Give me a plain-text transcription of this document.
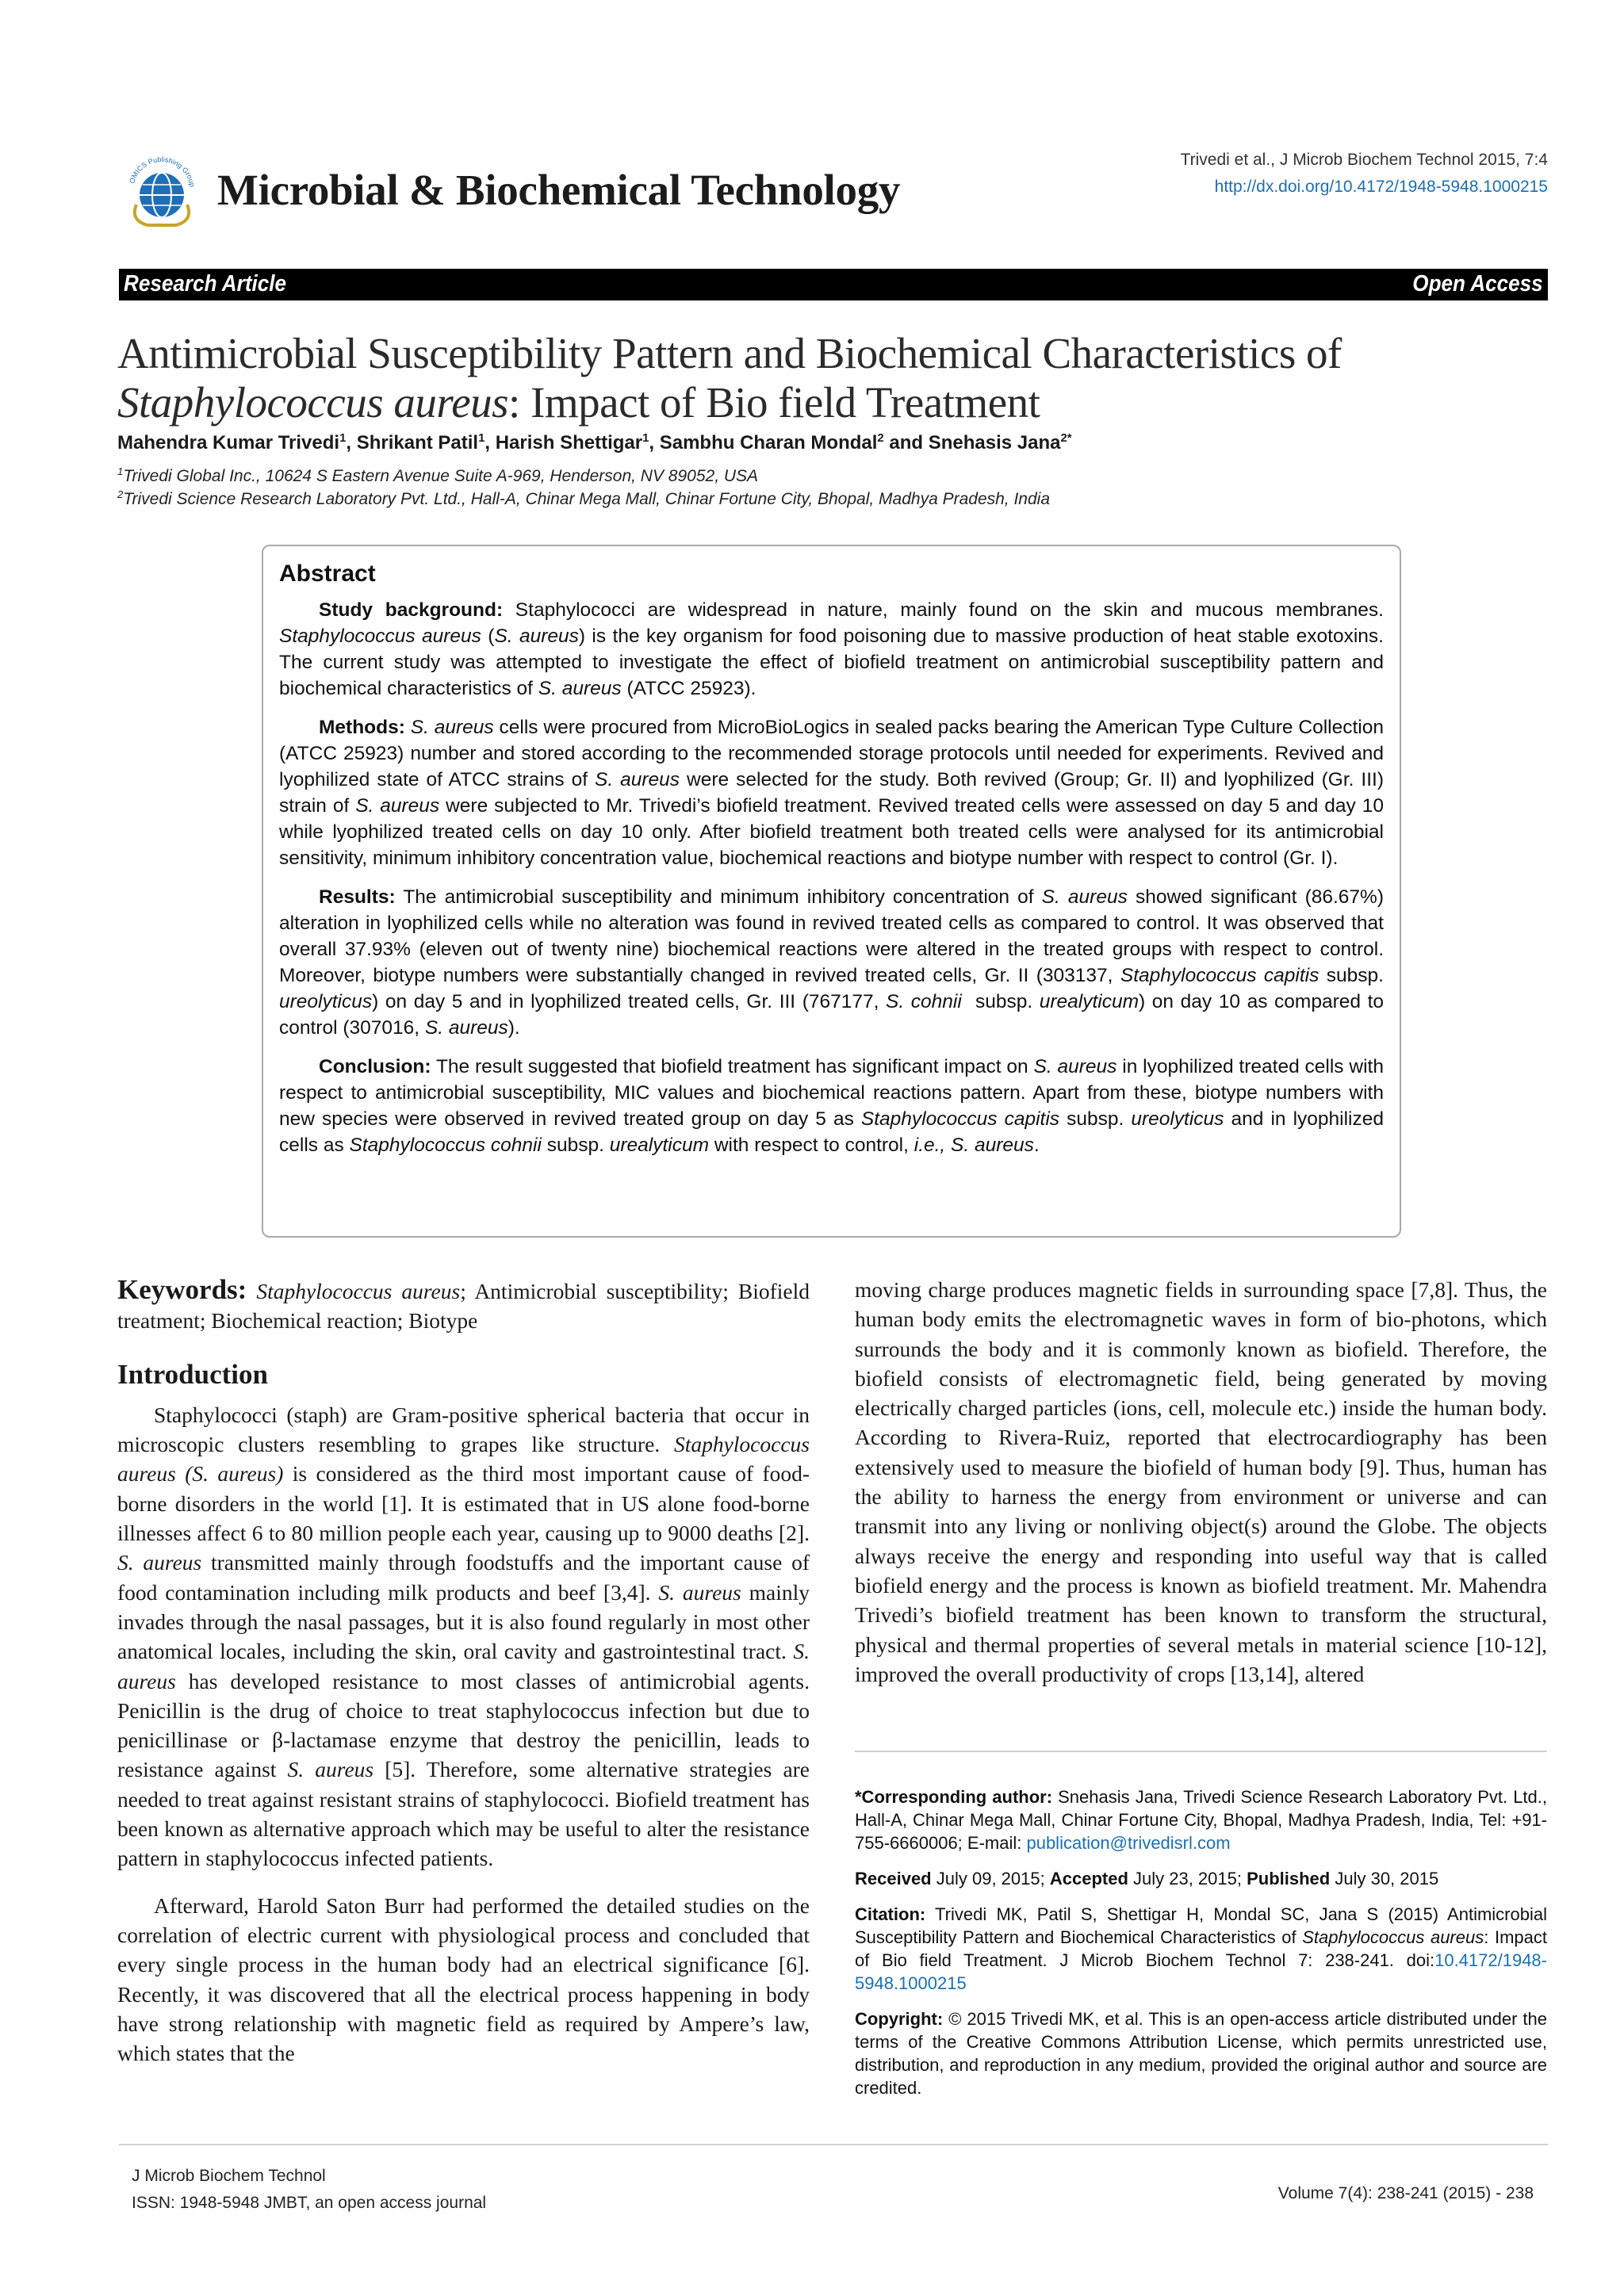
OMICS Publishing Group Microbial & Biochemical Technology
Trivedi et al., J Microb Biochem Technol 2015, 7:4
http://dx.doi.org/10.4172/1948-5948.1000215
Research Article	Open Access
Antimicrobial Susceptibility Pattern and Biochemical Characteristics of
Staphylococcus aureus: Impact of Bio field Treatment
Mahendra Kumar Trivedi$^1$, Shrikant Patil$^1$, Harish Shettigar$^1$, Sambhu Charan Mondal$^2$ and Snehasis Jana$^{2*}$
$^1$Trivedi Global Inc., 10624 S Eastern Avenue Suite A-969, Henderson, NV 89052, USA
$^2$Trivedi Science Research Laboratory Pvt. Ltd., Hall-A, Chinar Mega Mall, Chinar Fortune City, Bhopal, Madhya Pradesh, India
Abstract

Study background: Staphylococci are widespread in nature, mainly found on the skin and mucous membranes. Staphylococcus aureus (S. aureus) is the key organism for food poisoning due to massive production of heat stable exotoxins. The current study was attempted to investigate the effect of biofield treatment on antimicrobial susceptibility pattern and biochemical characteristics of S. aureus (ATCC 25923).

Methods: S. aureus cells were procured from MicroBioLogics in sealed packs bearing the American Type Culture Collection (ATCC 25923) number and stored according to the recommended storage protocols until needed for experiments. Revived and lyophilized state of ATCC strains of S. aureus were selected for the study. Both revived (Group; Gr. II) and lyophilized (Gr. III) strain of S. aureus were subjected to Mr. Trivedi’s biofield treatment. Revived treated cells were assessed on day 5 and day 10 while lyophilized treated cells on day 10 only. After biofield treatment both treated cells were analysed for its antimicrobial sensitivity, minimum inhibitory concentration value, biochemical reactions and biotype number with respect to control (Gr. I).

Results: The antimicrobial susceptibility and minimum inhibitory concentration of S. aureus showed significant (86.67%) alteration in lyophilized cells while no alteration was found in revived treated cells as compared to control. It was observed that overall 37.93% (eleven out of twenty nine) biochemical reactions were altered in the treated groups with respect to control. Moreover, biotype numbers were substantially changed in revived treated cells, Gr. II (303137, Staphylococcus capitis subsp. ureolyticus) on day 5 and in lyophilized treated cells, Gr. III (767177, S. cohnii  subsp. urealyticum) on day 10 as compared to control (307016, S. aureus).

Conclusion: The result suggested that biofield treatment has significant impact on S. aureus in lyophilized treated cells with respect to antimicrobial susceptibility, MIC values and biochemical reactions pattern. Apart from these, biotype numbers with new species were observed in revived treated group on day 5 as Staphylococcus capitis subsp. ureolyticus and in lyophilized cells as Staphylococcus cohnii subsp. urealyticum with respect to control, i.e., S. aureus.

Keywords: Staphylococcus aureus; Antimicrobial susceptibility; Biofield treatment; Biochemical reaction; Biotype

Introduction

Staphylococci (staph) are Gram-positive spherical bacteria that occur in microscopic clusters resembling to grapes like structure. Staphylococcus aureus (S. aureus) is considered as the third most important cause of food-borne disorders in the world [1]. It is estimated that in US alone food-borne illnesses affect 6 to 80 million people each year, causing up to 9000 deaths [2]. S. aureus transmitted mainly through foodstuffs and the important cause of food contamination including milk products and beef [3,4]. S. aureus mainly invades through the nasal passages, but it is also found regularly in most other anatomical locales, including the skin, oral cavity and gastrointestinal tract. S. aureus has developed resistance to most classes of antimicrobial agents. Penicillin is the drug of choice to treat staphylococcus infection but due to penicillinase or β-lactamase enzyme that destroy the penicillin, leads to resistance against S. aureus [5]. Therefore, some alternative strategies are needed to treat against resistant strains of staphylococci. Biofield treatment has been known as alternative approach which may be useful to alter the resistance pattern in staphylococcus infected patients.

Afterward, Harold Saton Burr had performed the detailed studies on the correlation of electric current with physiological process and concluded that every single process in the human body had an electrical significance [6]. Recently, it was discovered that all the electrical process happening in body have strong relationship with magnetic field as required by Ampere’s law, which states that the

moving charge produces magnetic fields in surrounding space [7,8]. Thus, the human body emits the electromagnetic waves in form of bio-photons, which surrounds the body and it is commonly known as biofield. Therefore, the biofield consists of electromagnetic field, being generated by moving electrically charged particles (ions, cell, molecule etc.) inside the human body. According to Rivera-Ruiz, reported that electrocardiography has been extensively used to measure the biofield of human body [9]. Thus, human has the ability to harness the energy from environment or universe and can transmit into any living or nonliving object(s) around the Globe. The objects always receive the energy and responding into useful way that is called biofield energy and the process is known as biofield treatment. Mr. Mahendra Trivedi’s biofield treatment has been known to transform the structural, physical and thermal properties of several metals in material science [10-12], improved the overall productivity of crops [13,14], altered

*Corresponding author: Snehasis Jana, Trivedi Science Research Laboratory Pvt. Ltd., Hall-A, Chinar Mega Mall, Chinar Fortune City, Bhopal, Madhya Pradesh, India, Tel: +91-755-6660006; E-mail: publication@trivedisrl.com

Received July 09, 2015; Accepted July 23, 2015; Published July 30, 2015

Citation: Trivedi MK, Patil S, Shettigar H, Mondal SC, Jana S (2015) Antimicrobial Susceptibility Pattern and Biochemical Characteristics of Staphylococcus aureus: Impact of Bio field Treatment. J Microb Biochem Technol 7: 238-241. doi:10.4172/1948-5948.1000215

Copyright: © 2015 Trivedi MK, et al. This is an open-access article distributed under the terms of the Creative Commons Attribution License, which permits unrestricted use, distribution, and reproduction in any medium, provided the original author and source are credited.

J Microb Biochem Technol
ISSN: 1948-5948 JMBT, an open access journal
Volume 7(4): 238-241 (2015) - 238
